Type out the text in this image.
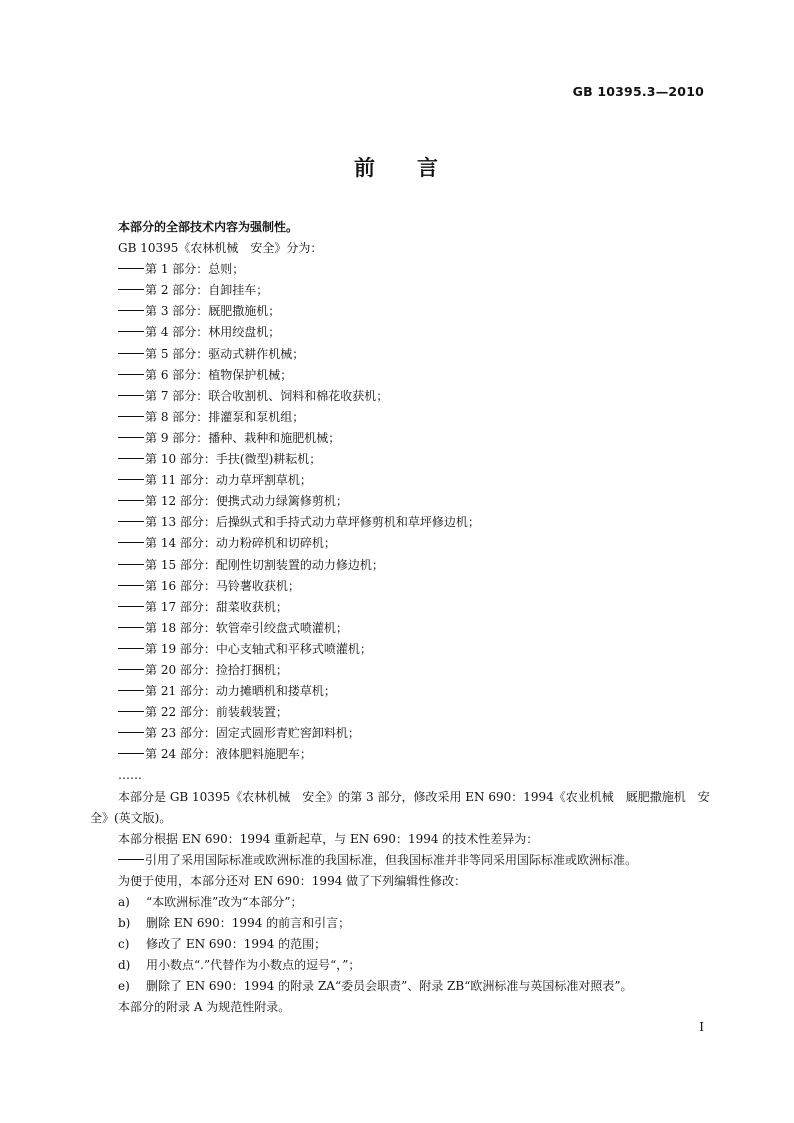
GB 10395.3—2010
前 言

本部分的全部技术内容为强制性。

GB 10395《农林机械　安全》分为：

第 1 部分：总则；

第 2 部分：自卸挂车；

第 3 部分：厩肥撒施机；

第 4 部分：林用绞盘机；

第 5 部分：驱动式耕作机械；

第 6 部分：植物保护机械；

第 7 部分：联合收割机、饲料和棉花收获机；

第 8 部分：排灌泵和泵机组；

第 9 部分：播种、栽种和施肥机械；

第 10 部分：手扶(微型)耕耘机；

第 11 部分：动力草坪割草机；

第 12 部分：便携式动力绿篱修剪机；

第 13 部分：后操纵式和手持式动力草坪修剪机和草坪修边机；

第 14 部分：动力粉碎机和切碎机；

第 15 部分：配刚性切割装置的动力修边机；

第 16 部分：马铃薯收获机；

第 17 部分：甜菜收获机；

第 18 部分：软管牵引绞盘式喷灌机；

第 19 部分：中心支轴式和平移式喷灌机；

第 20 部分：捡拾打捆机；

第 21 部分：动力摊晒机和搂草机；

第 22 部分：前装载装置；

第 23 部分：固定式圆形青贮窖卸料机；

第 24 部分：液体肥料施肥车；

……

本部分是 GB 10395《农林机械　安全》的第 3 部分，修改采用 EN 690：1994《农业机械　厩肥撒施机　安全》(英文版)。

本部分根据 EN 690：1994 重新起草，与 EN 690：1994 的技术性差异为：

引用了采用国际标准或欧洲标准的我国标准，但我国标准并非等同采用国际标准或欧洲标准。

为便于使用，本部分还对 EN 690：1994 做了下列编辑性修改：

a) “本欧洲标准”改为“本部分”；

b) 删除 EN 690：1994 的前言和引言；

c) 修改了 EN 690：1994 的范围；

d) 用小数点“.”代替作为小数点的逗号“，”；

e) 删除了 EN 690：1994 的附录 ZA“委员会职责”、附录 ZB“欧洲标准与英国标准对照表”。

本部分的附录 A 为规范性附录。

I
